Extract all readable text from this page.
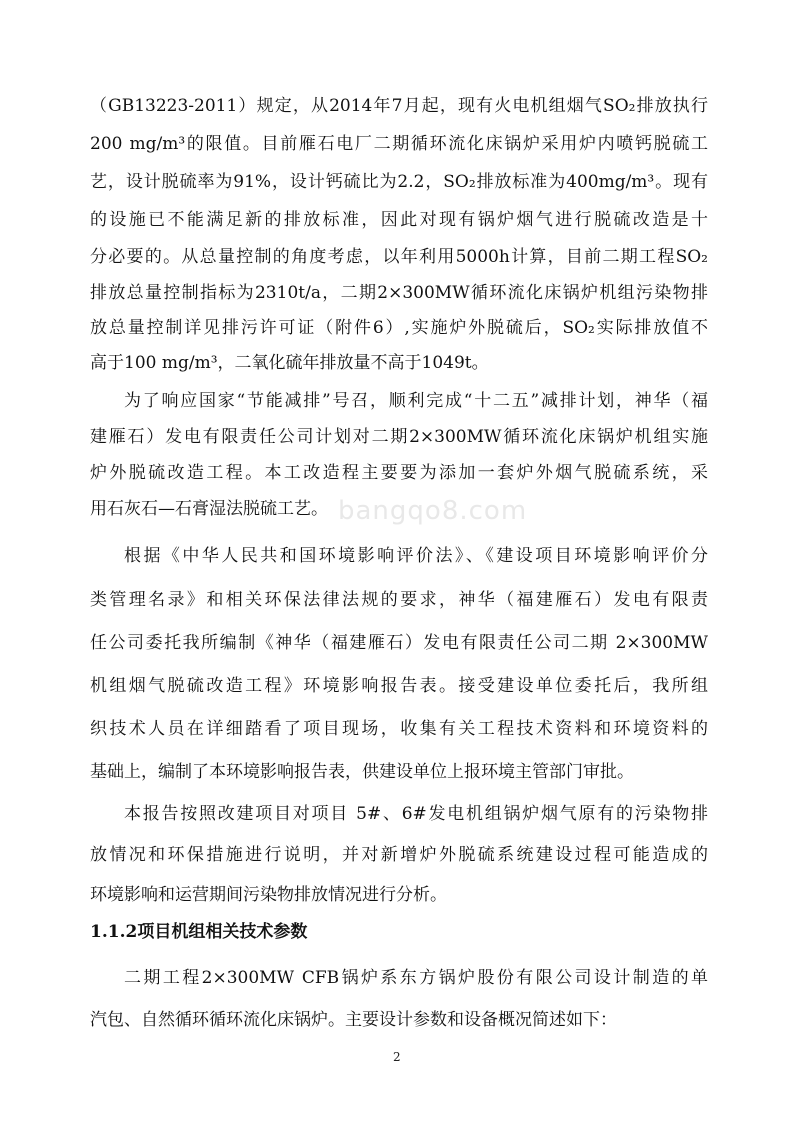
bangqo8.com
（GB13223-2011）规定，从2014年7月起，现有火电机组烟气SO₂排放执行
200 mg/m³的限值。目前雁石电厂二期循环流化床锅炉采用炉内喷钙脱硫工
艺，设计脱硫率为91%，设计钙硫比为2.2，SO₂排放标准为400mg/m³。现有
的设施已不能满足新的排放标准，因此对现有锅炉烟气进行脱硫改造是十
分必要的。从总量控制的角度考虑，以年利用5000h计算，目前二期工程SO₂
排放总量控制指标为2310t/a，二期2×300MW循环流化床锅炉机组污染物排
放总量控制详见排污许可证（附件6）,实施炉外脱硫后，SO₂实际排放值不
高于100 mg/m³，二氧化硫年排放量不高于1049t。
为了响应国家“节能减排”号召，顺利完成“十二五”减排计划，神华（福
建雁石）发电有限责任公司计划对二期2×300MW循环流化床锅炉机组实施
炉外脱硫改造工程。本工改造程主要要为添加一套炉外烟气脱硫系统，采
用石灰石—石膏湿法脱硫工艺。
根据《中华人民共和国环境影响评价法》、《建设项目环境影响评价分
类管理名录》和相关环保法律法规的要求，神华（福建雁石）发电有限责
任公司委托我所编制《神华（福建雁石）发电有限责任公司二期 2×300MW
机组烟气脱硫改造工程》环境影响报告表。接受建设单位委托后，我所组
织技术人员在详细踏看了项目现场，收集有关工程技术资料和环境资料的
基础上，编制了本环境影响报告表，供建设单位上报环境主管部门审批。
本报告按照改建项目对项目 5#、6#发电机组锅炉烟气原有的污染物排
放情况和环保措施进行说明，并对新增炉外脱硫系统建设过程可能造成的
环境影响和运营期间污染物排放情况进行分析。
1.1.2项目机组相关技术参数
二期工程2×300MW CFB锅炉系东方锅炉股份有限公司设计制造的单
汽包、自然循环循环流化床锅炉。主要设计参数和设备概况简述如下：
2
